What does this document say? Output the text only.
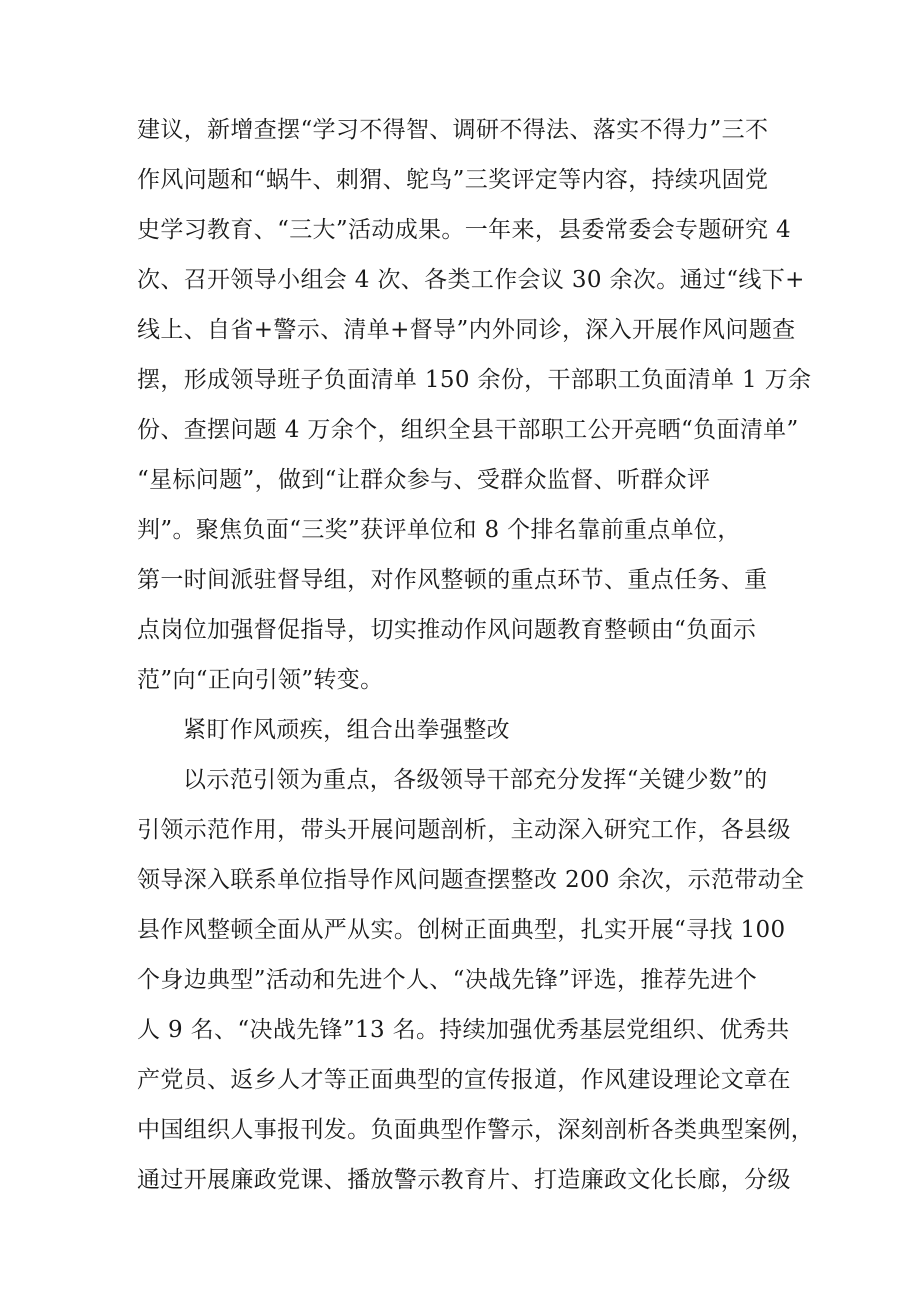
建议，新增查摆“学习不得智、调研不得法、落实不得力”三不
作风问题和“蜗牛、刺猬、鸵鸟”三奖评定等内容，持续巩固党
史学习教育、“三大”活动成果。一年来，县委常委会专题研究 4
次、召开领导小组会 4 次、各类工作会议 30 余次。通过“线下+
线上、自省+警示、清单+督导”内外同诊，深入开展作风问题查
摆，形成领导班子负面清单 150 余份，干部职工负面清单 1 万余
份、查摆问题 4 万余个，组织全县干部职工公开亮晒“负面清单”
“星标问题”，做到“让群众参与、受群众监督、听群众评
判”。聚焦负面“三奖”获评单位和 8 个排名靠前重点单位，
第一时间派驻督导组，对作风整顿的重点环节、重点任务、重
点岗位加强督促指导，切实推动作风问题教育整顿由“负面示
范”向“正向引领”转变。
紧盯作风顽疾，组合出拳强整改
以示范引领为重点，各级领导干部充分发挥“关键少数”的
引领示范作用，带头开展问题剖析，主动深入研究工作，各县级
领导深入联系单位指导作风问题查摆整改 200 余次，示范带动全
县作风整顿全面从严从实。创树正面典型，扎实开展“寻找 100
个身边典型”活动和先进个人、“决战先锋”评选，推荐先进个
人 9 名、“决战先锋”13 名。持续加强优秀基层党组织、优秀共
产党员、返乡人才等正面典型的宣传报道，作风建设理论文章在
中国组织人事报刊发。负面典型作警示，深刻剖析各类典型案例，
通过开展廉政党课、播放警示教育片、打造廉政文化长廊，分级
